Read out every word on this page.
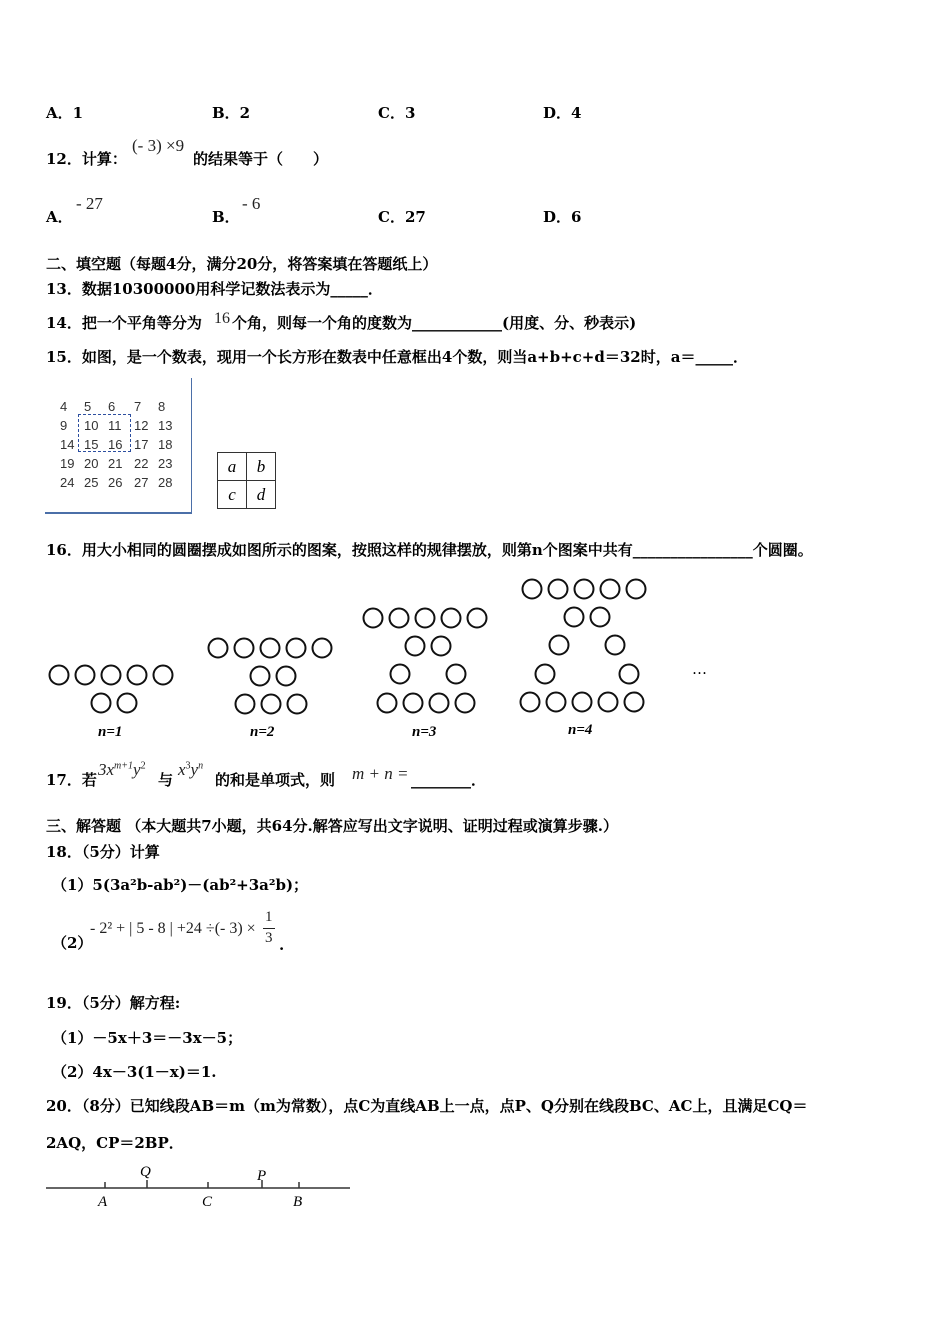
A．1	B．2	C．3	D．4
12．计算：
(- 3) ×9
的结果等于（　　）
A．
- 27
B．
- 6
C．27	D．6
二、填空题（每题4分，满分20分，将答案填在答题纸上）
13．数据10300000用科学记数法表示为_____．
14．把一个平角等分为 16 个角，则每一个角的度数为____________(用度、分、秒表示)
15．如图，是一个数表，现用一个长方形在数表中任意框出4个数，则当a+b+c+d＝32时，a＝_____．
4 5 6 7 8
9 10 11 12 13
14 15 16 17 18
19 20 21 22 23
24 25 26 27 28
a	b
c	d
16．用大小相同的圆圈摆成如图所示的图案，按照这样的规律摆放，则第n个图案中共有________________个圆圈。
n=1	n=2	n=3	n=4
…
17．若
$3x^{m+1}y^2$
与
$x^3y^n$
的和是单项式，则 m + n = ________．
三、解答题 （本大题共7小题，共64分.解答应写出文字说明、证明过程或演算步骤.）
18．（5分）计算
（1）5(3a²b-ab²)－(ab²+3a²b)；
（2）
- 2² + | 5 - 8 | +24 ÷(- 3) ×
1
3 .
19．（5分）解方程:
（1）－5x＋3＝－3x－5；
（2）4x－3(1－x)＝1.
20．（8分）已知线段AB＝m（m为常数），点C为直线AB上一点，点P、Q分别在线段BC、AC上，且满足CQ＝
2AQ，CP＝2BP．
Q	P
A	C	B
